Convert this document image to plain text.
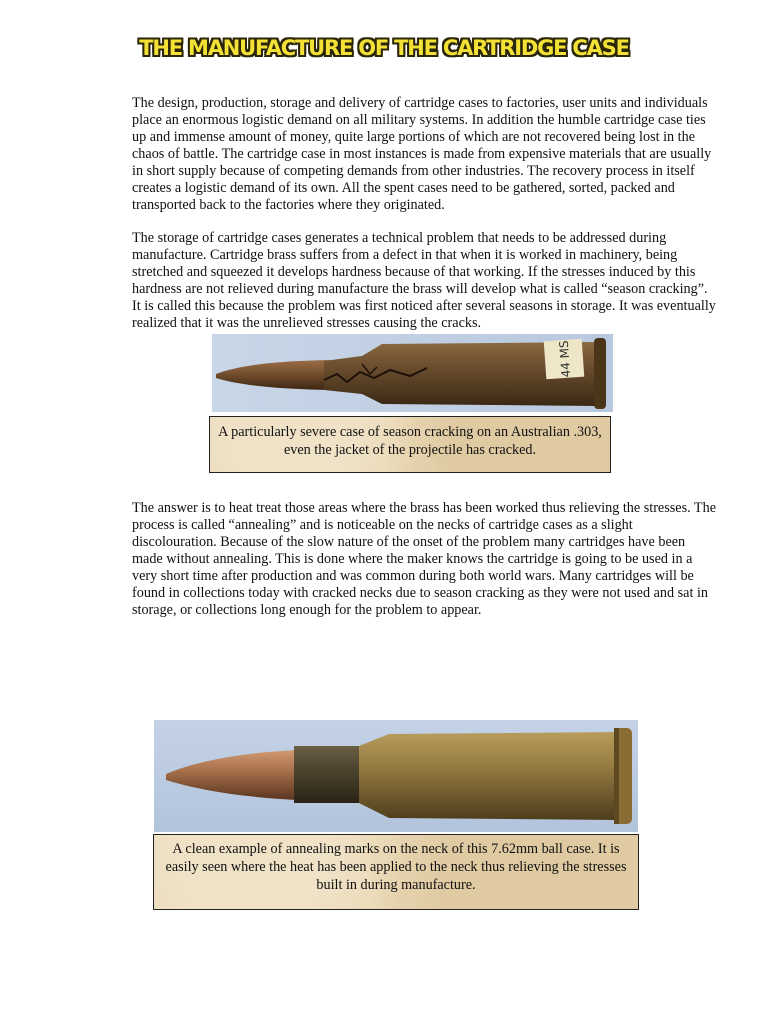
THE MANUFACTURE OF THE CARTRIDGE CASE

The design, production, storage and delivery of cartridge cases to factories, user units and individuals place an enormous logistic demand on all military systems. In addition the humble cartridge case ties up and immense amount of money, quite large portions of which are not recovered being lost in the chaos of battle. The cartridge case in most instances is made from expensive materials that are usually in short supply because of competing demands from other industries. The recovery process in itself creates a logistic demand of its own. All the spent cases need to be gathered, sorted, packed and transported back to the factories where they originated.

The storage of cartridge cases generates a technical problem that needs to be addressed during manufacture. Cartridge brass suffers from a defect in that when it is worked in machinery, being stretched and squeezed it develops hardness because of that working. If the stresses induced by this hardness are not relieved during manufacture the brass will develop what is called “season cracking”. It is called this because the problem was first noticed after several seasons in storage. It was eventually realized that it was the unrelieved stresses causing the cracks.

44 MS
A particularly severe case of season cracking on an Australian .303, even the jacket of the projectile has cracked.

The answer is to heat treat those areas where the brass has been worked thus relieving the stresses. The process is called “annealing” and is noticeable on the necks of cartridge cases as a slight discolouration. Because of the slow nature of the onset of the problem many cartridges have been made without annealing. This is done where the maker knows the cartridge is going to be used in a very short time after production and was common during both world wars. Many cartridges will be found in collections today with cracked necks due to season cracking as they were not used and sat in storage, or collections long enough for the problem to appear.

A clean example of annealing marks on the neck of this 7.62mm ball case. It is easily seen where the heat has been applied to the neck thus relieving the stresses built in during manufacture.
